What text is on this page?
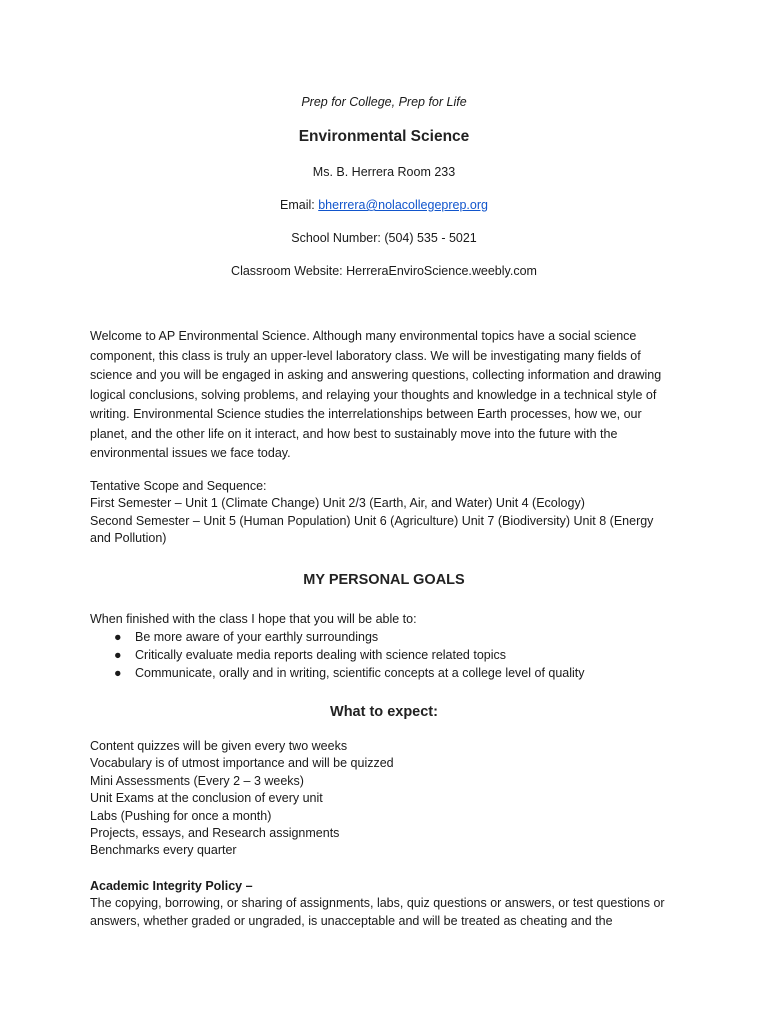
Prep for College, Prep for Life
Environmental Science
Ms. B. Herrera Room 233
Email: bherrera@nolacollegeprep.org
School Number: (504) 535 - 5021
Classroom Website: HerreraEnviroScience.weebly.com
Welcome to AP Environmental Science. Although many environmental topics have a social science component, this class is truly an upper-level laboratory class. We will be investigating many fields of science and you will be engaged in asking and answering questions, collecting information and drawing logical conclusions, solving problems, and relaying your thoughts and knowledge in a technical style of writing. Environmental Science studies the interrelationships between Earth processes, how we, our planet, and the other life on it interact, and how best to sustainably move into the future with the environmental issues we face today.
Tentative Scope and Sequence:
First Semester – Unit 1 (Climate Change) Unit 2/3 (Earth, Air, and Water) Unit 4 (Ecology)
Second Semester – Unit 5 (Human Population) Unit 6 (Agriculture) Unit 7 (Biodiversity) Unit 8 (Energy
and Pollution)
MY PERSONAL GOALS
When finished with the class I hope that you will be able to:
● Be more aware of your earthly surroundings
● Critically evaluate media reports dealing with science related topics
● Communicate, orally and in writing, scientific concepts at a college level of quality
What to expect:
Content quizzes will be given every two weeks
Vocabulary is of utmost importance and will be quizzed
Mini Assessments (Every 2 – 3 weeks)
Unit Exams at the conclusion of every unit
Labs (Pushing for once a month)
Projects, essays, and Research assignments
Benchmarks every quarter
Academic Integrity Policy –
The copying, borrowing, or sharing of assignments, labs, quiz questions or answers, or test questions or
answers, whether graded or ungraded, is unacceptable and will be treated as cheating and the
